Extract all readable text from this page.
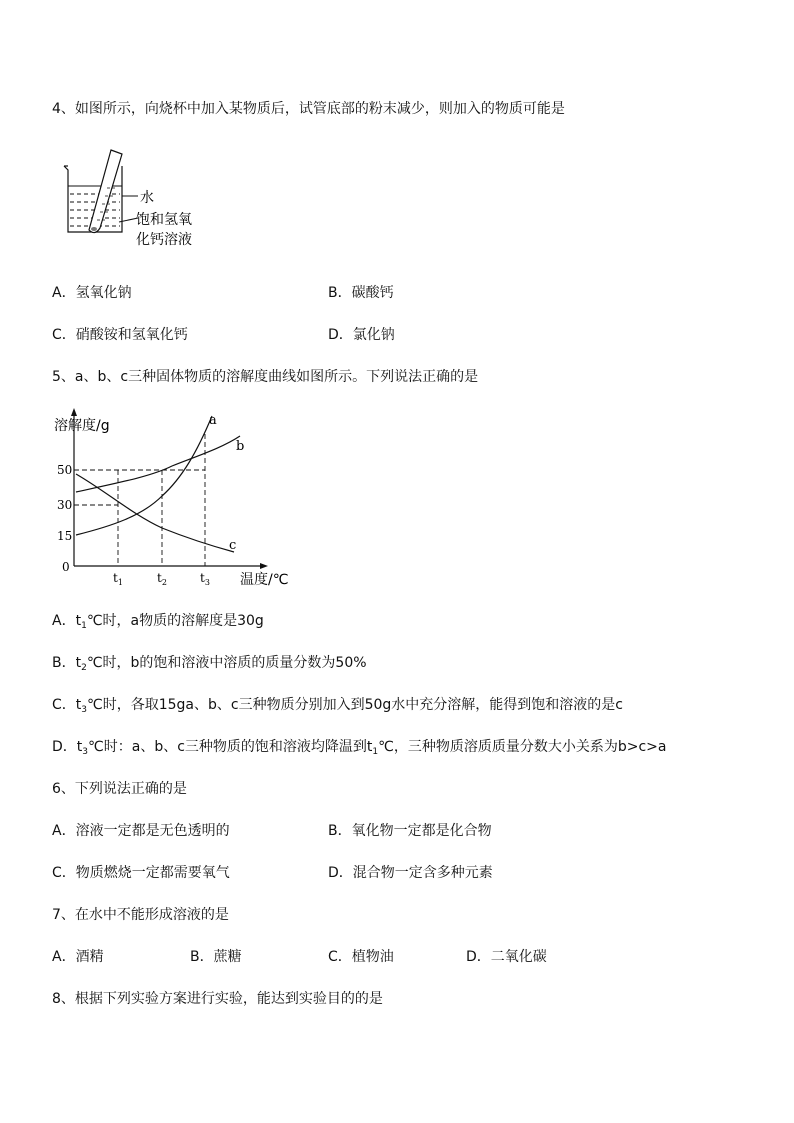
4、如图所示，向烧杯中加入某物质后，试管底部的粉末减少，则加入的物质可能是
水
饱和氢氧
化钙溶液
A．氢氧化钠	B．碳酸钙
C．硝酸铵和氢氧化钙	D．氯化钠
5、a、b、c三种固体物质的溶解度曲线如图所示。下列说法正确的是
溶解度/g
温度/℃
0
15
30
50
$t_1$	$t_2$	$t_3$
a
b
c
A．$t_1℃$时，a物质的溶解度是30g
B．$t_2℃$时，b的饱和溶液中溶质的质量分数为50%
C．$t_3℃$时，各取15ga、b、c三种物质分别加入到50g水中充分溶解，能得到饱和溶液的是c
D．$t_3℃$时：a、b、c三种物质的饱和溶液均降温到$t_1℃$，三种物质溶质质量分数大小关系为b>c>a
6、下列说法正确的是
A．溶液一定都是无色透明的	B．氧化物一定都是化合物
C．物质燃烧一定都需要氧气	D．混合物一定含多种元素
7、在水中不能形成溶液的是
A．酒精	B．蔗糖	C．植物油	D．二氧化碳
8、根据下列实验方案进行实验，能达到实验目的的是
